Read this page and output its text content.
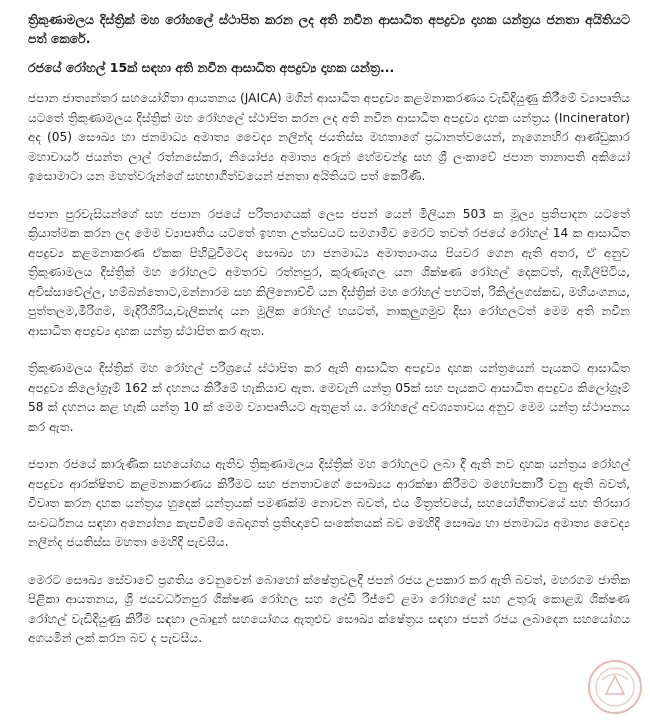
ත්‍රිකුණාමලය දිස්ත්‍රික් මහ රෝහලේ ස්ථාපිත කරන ලද අති නවීන ආසාධිත අපද්‍රව්‍ය දාහක යන්ත්‍රය ජනතා අයිතියට පත් කෙරේ.

රජයේ රෝහල් 15ක් සඳහා අති නවීන ආසාධිත අපද්‍රව්‍ය දාහක යන්ත්‍ර...

ජපාන ජාත්‍යන්තර සහයෝගිතා ආයතනය (JAICA) මගින් ආසාධිත අපද්‍රව්‍ය කළමනාකරණය වැඩිදියුණු කිරීමේ ව්‍යාපෘතිය යටතේ ත්‍රිකුණාමලය දිස්ත්‍රික් මහ රෝහලේ ස්ථාපිත කරන ලද අති නවීන ආසාධිත අපද්‍රව්‍ය දාහක යන්ත්‍රය (Incinerator) අද (05) සෞඛ්‍ය හා ජනමාධ්‍ය අමාත්‍ය වෛද්‍ය නලින්ද ජයතිස්ස මහතාගේ ප්‍රධානත්වයෙන්, නැගෙනහිර ආණ්ඩුකාර මහාචාර්ය ජයන්ත ලාල් රත්නසේකර, නියෝජ්‍ය අමාත්‍ය අරුන් හේමචන්ද්‍ර සහ ශ්‍රී ලංකාවේ ජපාන තානාපති අකියෝ ඉසොමාටා යන මහත්වරුන්ගේ සහභාගීත්වයෙන් ජනතා අයිතියට පත් කෙරිණි.

ජපාන පුරවැසියන්ගේ සහ ජපාන රජයේ පරිත්‍යාගයක් ලෙස ජපන් යෙන් මිලියන 503 ක මූල්‍ය ප්‍රතිපාදන යටතේ ක්‍රියාත්මක කරන ලද මෙම ව්‍යාපෘතිය යටතේ ඉහත උත්සවයට සමගාමීව මෙරට තවත් රජයේ රෝහල් 14 ක ආසාධිත අපද්‍රව්‍ය කළමනාකරණ ඒකක පිහිටුවීමටද සෞඛ්‍ය හා ජනමාධ්‍ය අමාත්‍යාංශය පියවර ගෙන ඇති අතර, ඒ අනුව ත්‍රිකුණාමලය දිස්ත්‍රික් මහ රෝහලට අමතරව රත්නපුර, කුරුණෑගල යන ශික්ෂණ රෝහල් දෙකටත්, ඇඹිලිපිටිය, අවිස්සාවේල්ල, හම්බන්තොට,මන්නාරම සහ කිලිනොච්චි යන දිස්ත්‍රික් මහ රෝහල් පහටත්, රිකිල්ලගස්කඩ, මහියංගනය, පුත්තලම,මීරිගම, මැදිරිගිරිය,වැලිකන්ද යන මූලික රෝහල් හයටත්, නාකුලුගමුව දිසා රෝහලටත් මෙම අති නවීන ආසාධිත අපද්‍රව්‍ය දාහක යන්ත්‍ර ස්ථාපිත කර ඇත.

ත්‍රිකුණාමලය දිස්ත්‍රික් මහ රෝහල් පරිශ්‍රයේ ස්ථාපිත කර ඇති ආසාධිත අපද්‍රව්‍ය දාහක යන්ත්‍රයෙන් පැයකට ආසාධිත අපද්‍රව්‍ය කිලෝග්‍රෑම් 162 ක් දහනය කිරීමේ හැකියාව ඇත. මෙවැනි යන්ත්‍ර 05ක් සහ පැයකට ආසාධිත අපද්‍රව්‍ය කිලෝග්‍රෑම් 58 ක් දහනය කළ හැකි යන්ත්‍ර 10 ක් මෙම ව්‍යාපෘතියට ඇතුළත් ය. රෝහලේ අවශ්‍යතාවය අනුව මෙම යන්ත්‍ර ස්ථාපනය කර ඇත.

ජපාන රජයේ කාරුණික සහයෝගය ඇතිව ත්‍රිකුණාමලය දිස්ත්‍රික් මහ රෝහලට ලබා දී ඇති නව දාහක යන්ත්‍රය රෝහල් අපද්‍රව්‍ය ආරක්ෂිතව කළමනාකරණය කිරීමට සහ ජනතාවගේ සෞඛ්‍යය ආරක්ෂා කිරීමට මහෝපකාරී වනු ඇති බවත්, විවෘත කරන දාහක යන්ත්‍රය හුදෙක් යන්ත්‍රයක් පමණක්ම නොවන බවත්, එය මිත්‍රත්වයේ, සහයෝගීතාවයේ සහ තිරසාර සංවර්ධනය සඳහා අන්‍යෝන්‍ය කැපවීමේ බෙදාගත් ප්‍රතිඥාවේ සංකේතයක් බව මෙහිදී සෞඛ්‍ය හා ජනමාධ්‍ය අමාත්‍ය වෛද්‍ය නලින්ද ජයතිස්ස මහතා මෙහිදී පැවසීය.

මෙරට සෞඛ්‍ය සේවාවේ ප්‍රගතිය වෙනුවෙන් බොහෝ ක්ෂේත්‍රවලදී ජපන් රජය උපකාර කර ඇති බවත්, මහරගම ජාතික පිළිකා ආයතනය, ශ්‍රී ජයවර්ධනපුර ශික්ෂණ රෝහල සහ ලේඩි රිජ්වේ ළමා රෝහලේ සහ උතුරු කොළඹ ශික්ෂණ රෝහල් වැඩිදියුණු කිරීම සඳහා ලබාදුන් සහයෝගය ඇතුළුව සෞඛ්‍ය ක්ෂේත්‍රය සඳහා ජපන් රජය ලබාදෙන සහයෝගය අගයමින් ලක් කරන බව ද පැවසීය.
